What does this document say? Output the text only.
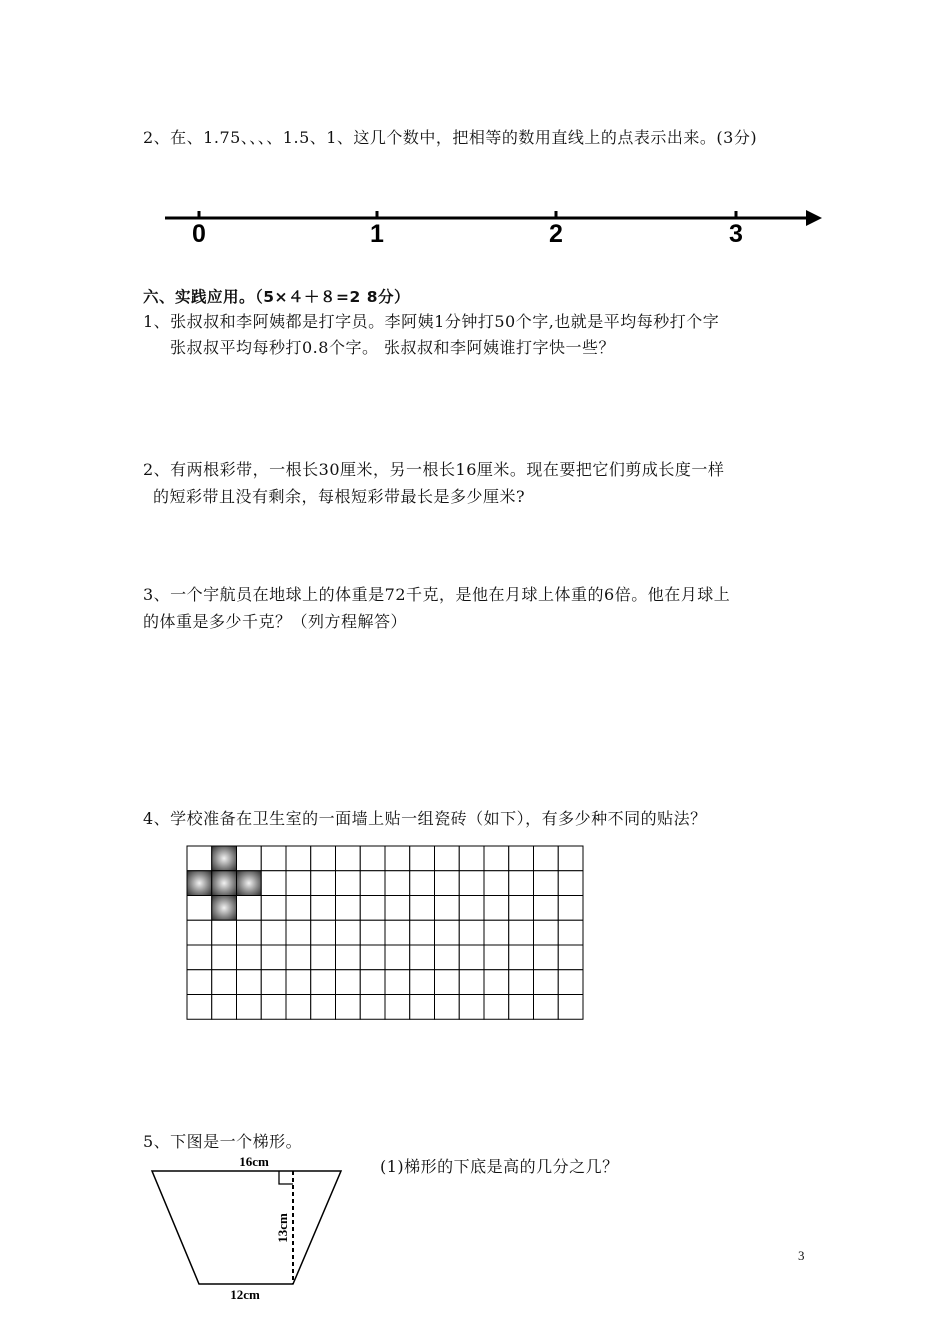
2、在、1.75、、、、1.5、1、这几个数中，把相等的数用直线上的点表示出来。(3分)
0	1	2	3
16cm
12cm
13cm
六、实践应用。（5×４＋８=2 8分）
1、张叔叔和李阿姨都是打字员。李阿姨1分钟打50个字,也就是平均每秒打个字
张叔叔平均每秒打0.8个字。 张叔叔和李阿姨谁打字快一些？
2、有两根彩带，一根长30厘米，另一根长16厘米。现在要把它们剪成长度一样
的短彩带且没有剩余，每根短彩带最长是多少厘米?
3、一个宇航员在地球上的体重是72千克，是他在月球上体重的6倍。他在月球上
的体重是多少千克？（列方程解答）
4、学校准备在卫生室的一面墙上贴一组瓷砖（如下），有多少种不同的贴法？
5、下图是一个梯形。
(1)梯形的下底是高的几分之几？
3
